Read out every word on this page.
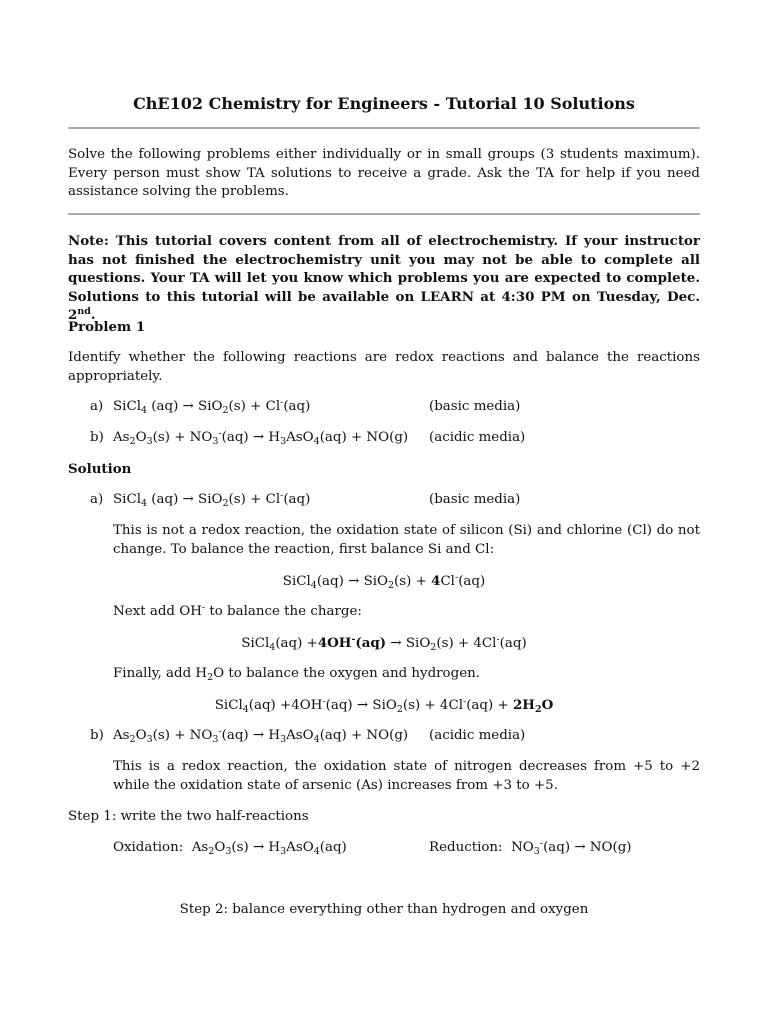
ChE102 Chemistry for Engineers - Tutorial 10 Solutions
Solve the following problems either individually or in small groups (3 students maximum). Every person must show TA solutions to receive a grade. Ask the TA for help if you need assistance solving the problems.
Note: This tutorial covers content from all of electrochemistry. If your instructor has not finished the electrochemistry unit you may not be able to complete all questions. Your TA will let you know which problems you are expected to complete. Solutions to this tutorial will be available on LEARN at 4:30 PM on Tuesday, Dec. 2nd.
Problem 1
Identify whether the following reactions are redox reactions and balance the reactions appropriately.
a) SiCl$_4$ (aq) → SiO$_2$(s) + Cl-(aq)	(basic media)
b) $As_2O_3(s) + NO_3^-(aq) \to H_3AsO_4(aq) + NO(g)$ (acidic media)
Solution
a) SiCl$_4$ (aq) → SiO$_2$(s) + Cl-(aq)	(basic media)
This is not a redox reaction, the oxidation state of silicon (Si) and chlorine (Cl) do not change. To balance the reaction, first balance Si and Cl:
SiCl$_4$(aq) → SiO$_2$(s) + 4Cl-(aq)
Next add OH- to balance the charge:
SiCl$_4$(aq) +4OH-(aq) → SiO$_2$(s) + 4Cl-(aq)
Finally, add $H_2O$ to balance the oxygen and hydrogen.
SiCl$_4$(aq) $+4OH^-(aq) \to SiO_2(s) + 4Cl^-(aq) + 2H_2O$
b) $As_2O_3(s) + NO_3^-(aq) \to H_3AsO_4(aq) + NO(g)$ (acidic media)
This is a redox reaction, the oxidation state of nitrogen decreases from +5 to +2 while the oxidation state of arsenic (As) increases from +3 to +5.
Step 1: write the two half-reactions
Oxidation:  $As_2O_3(s) \to H_3AsO_4(aq)$	Reduction:  $NO_3^-(aq) \to NO(g)$
Step 2: balance everything other than hydrogen and oxygen
